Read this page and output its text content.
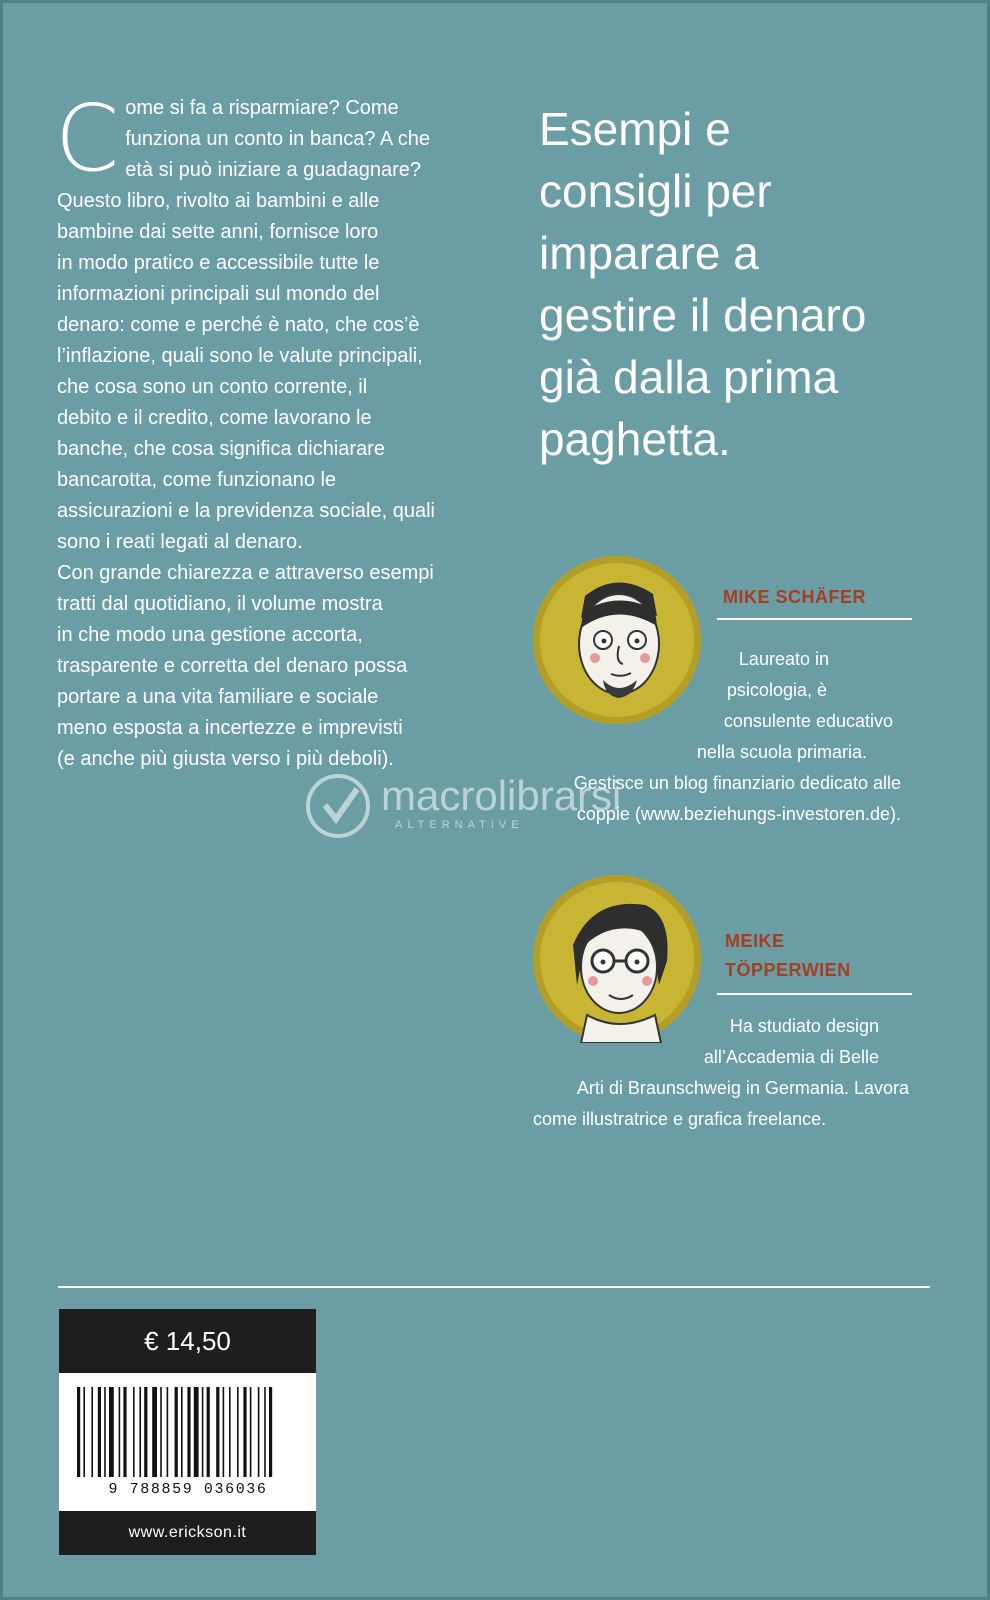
C ome si fa a risparmiare? Come

funziona un conto in banca? A che

età si può iniziare a guadagnare?

Questo libro, rivolto ai bambini e alle

bambine dai sette anni, fornisce loro

in modo pratico e accessibile tutte le

informazioni principali sul mondo del

denaro: come e perché è nato, che cos’è

l’inflazione, quali sono le valute principali,

che cosa sono un conto corrente, il

debito e il credito, come lavorano le

banche, che cosa significa dichiarare

bancarotta, come funzionano le

assicurazioni e la previdenza sociale, quali

sono i reati legati al denaro.

Con grande chiarezza e attraverso esempi

tratti dal quotidiano, il volume mostra

in che modo una gestione accorta,

trasparente e corretta del denaro possa

portare a una vita familiare e sociale

meno esposta a incertezze e imprevisti

(e anche più giusta verso i più deboli).

Esempi e
consigli per
imparare a
gestire il denaro
già dalla prima
paghetta.
MIKE SCHÄFER
Laureato in
psicologia, è
consulente educativo
nella scuola primaria.
Gestisce un blog finanziario dedicato alle
coppie (www.beziehungs-investoren.de).
macrolibrarsi
ALTERNATIVE
MEIKE
TÖPPERWIEN
Ha studiato design
all’Accademia di Belle
Arti di Braunschweig in Germania. Lavora
come illustratrice e grafica freelance.
€ 14,50
9 788859 036036
www.erickson.it
